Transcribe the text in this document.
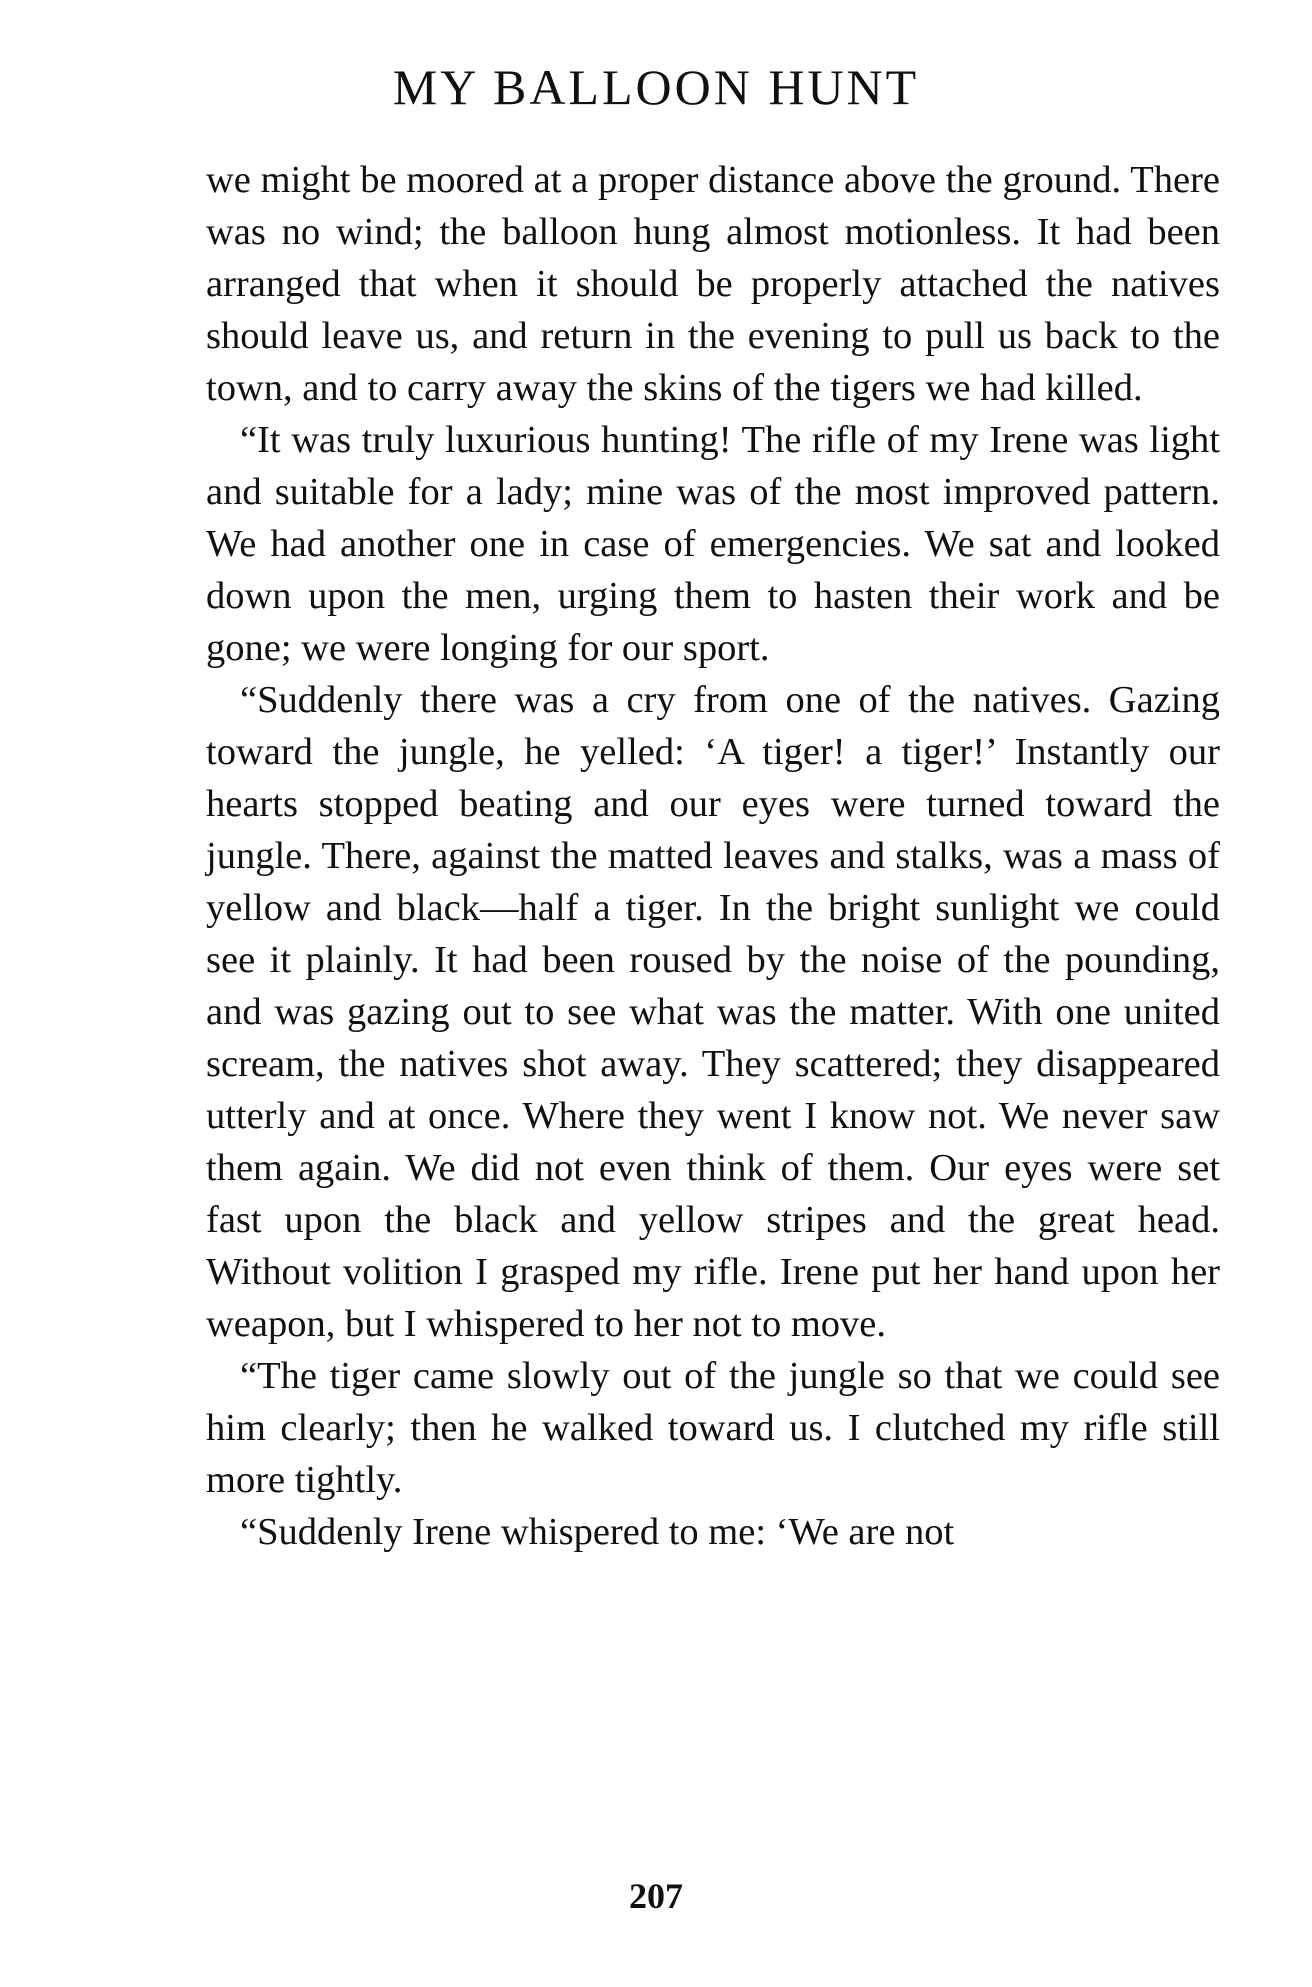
MY BALLOON HUNT

we might be moored at a proper distance above the ground. There was no wind; the balloon hung almost motionless. It had been arranged that when it should be properly attached the natives should leave us, and return in the evening to pull us back to the town, and to carry away the skins of the tigers we had killed.

“It was truly luxurious hunting! The rifle of my Irene was light and suitable for a lady; mine was of the most improved pattern. We had another one in case of emergencies. We sat and looked down upon the men, urging them to hasten their work and be gone; we were longing for our sport.

“Suddenly there was a cry from one of the natives. Gazing toward the jungle, he yelled: ‘A tiger! a tiger!’ Instantly our hearts stopped beating and our eyes were turned toward the jungle. There, against the matted leaves and stalks, was a mass of yellow and black—half a tiger. In the bright sunlight we could see it plainly. It had been roused by the noise of the pounding, and was gazing out to see what was the matter. With one united scream, the natives shot away. They scattered; they disappeared utterly and at once. Where they went I know not. We never saw them again. We did not even think of them. Our eyes were set fast upon the black and yellow stripes and the great head. Without volition I grasped my rifle. Irene put her hand upon her weapon, but I whispered to her not to move.

“The tiger came slowly out of the jungle so that we could see him clearly; then he walked toward us. I clutched my rifle still more tightly.

“Suddenly Irene whispered to me: ‘We are not

207
